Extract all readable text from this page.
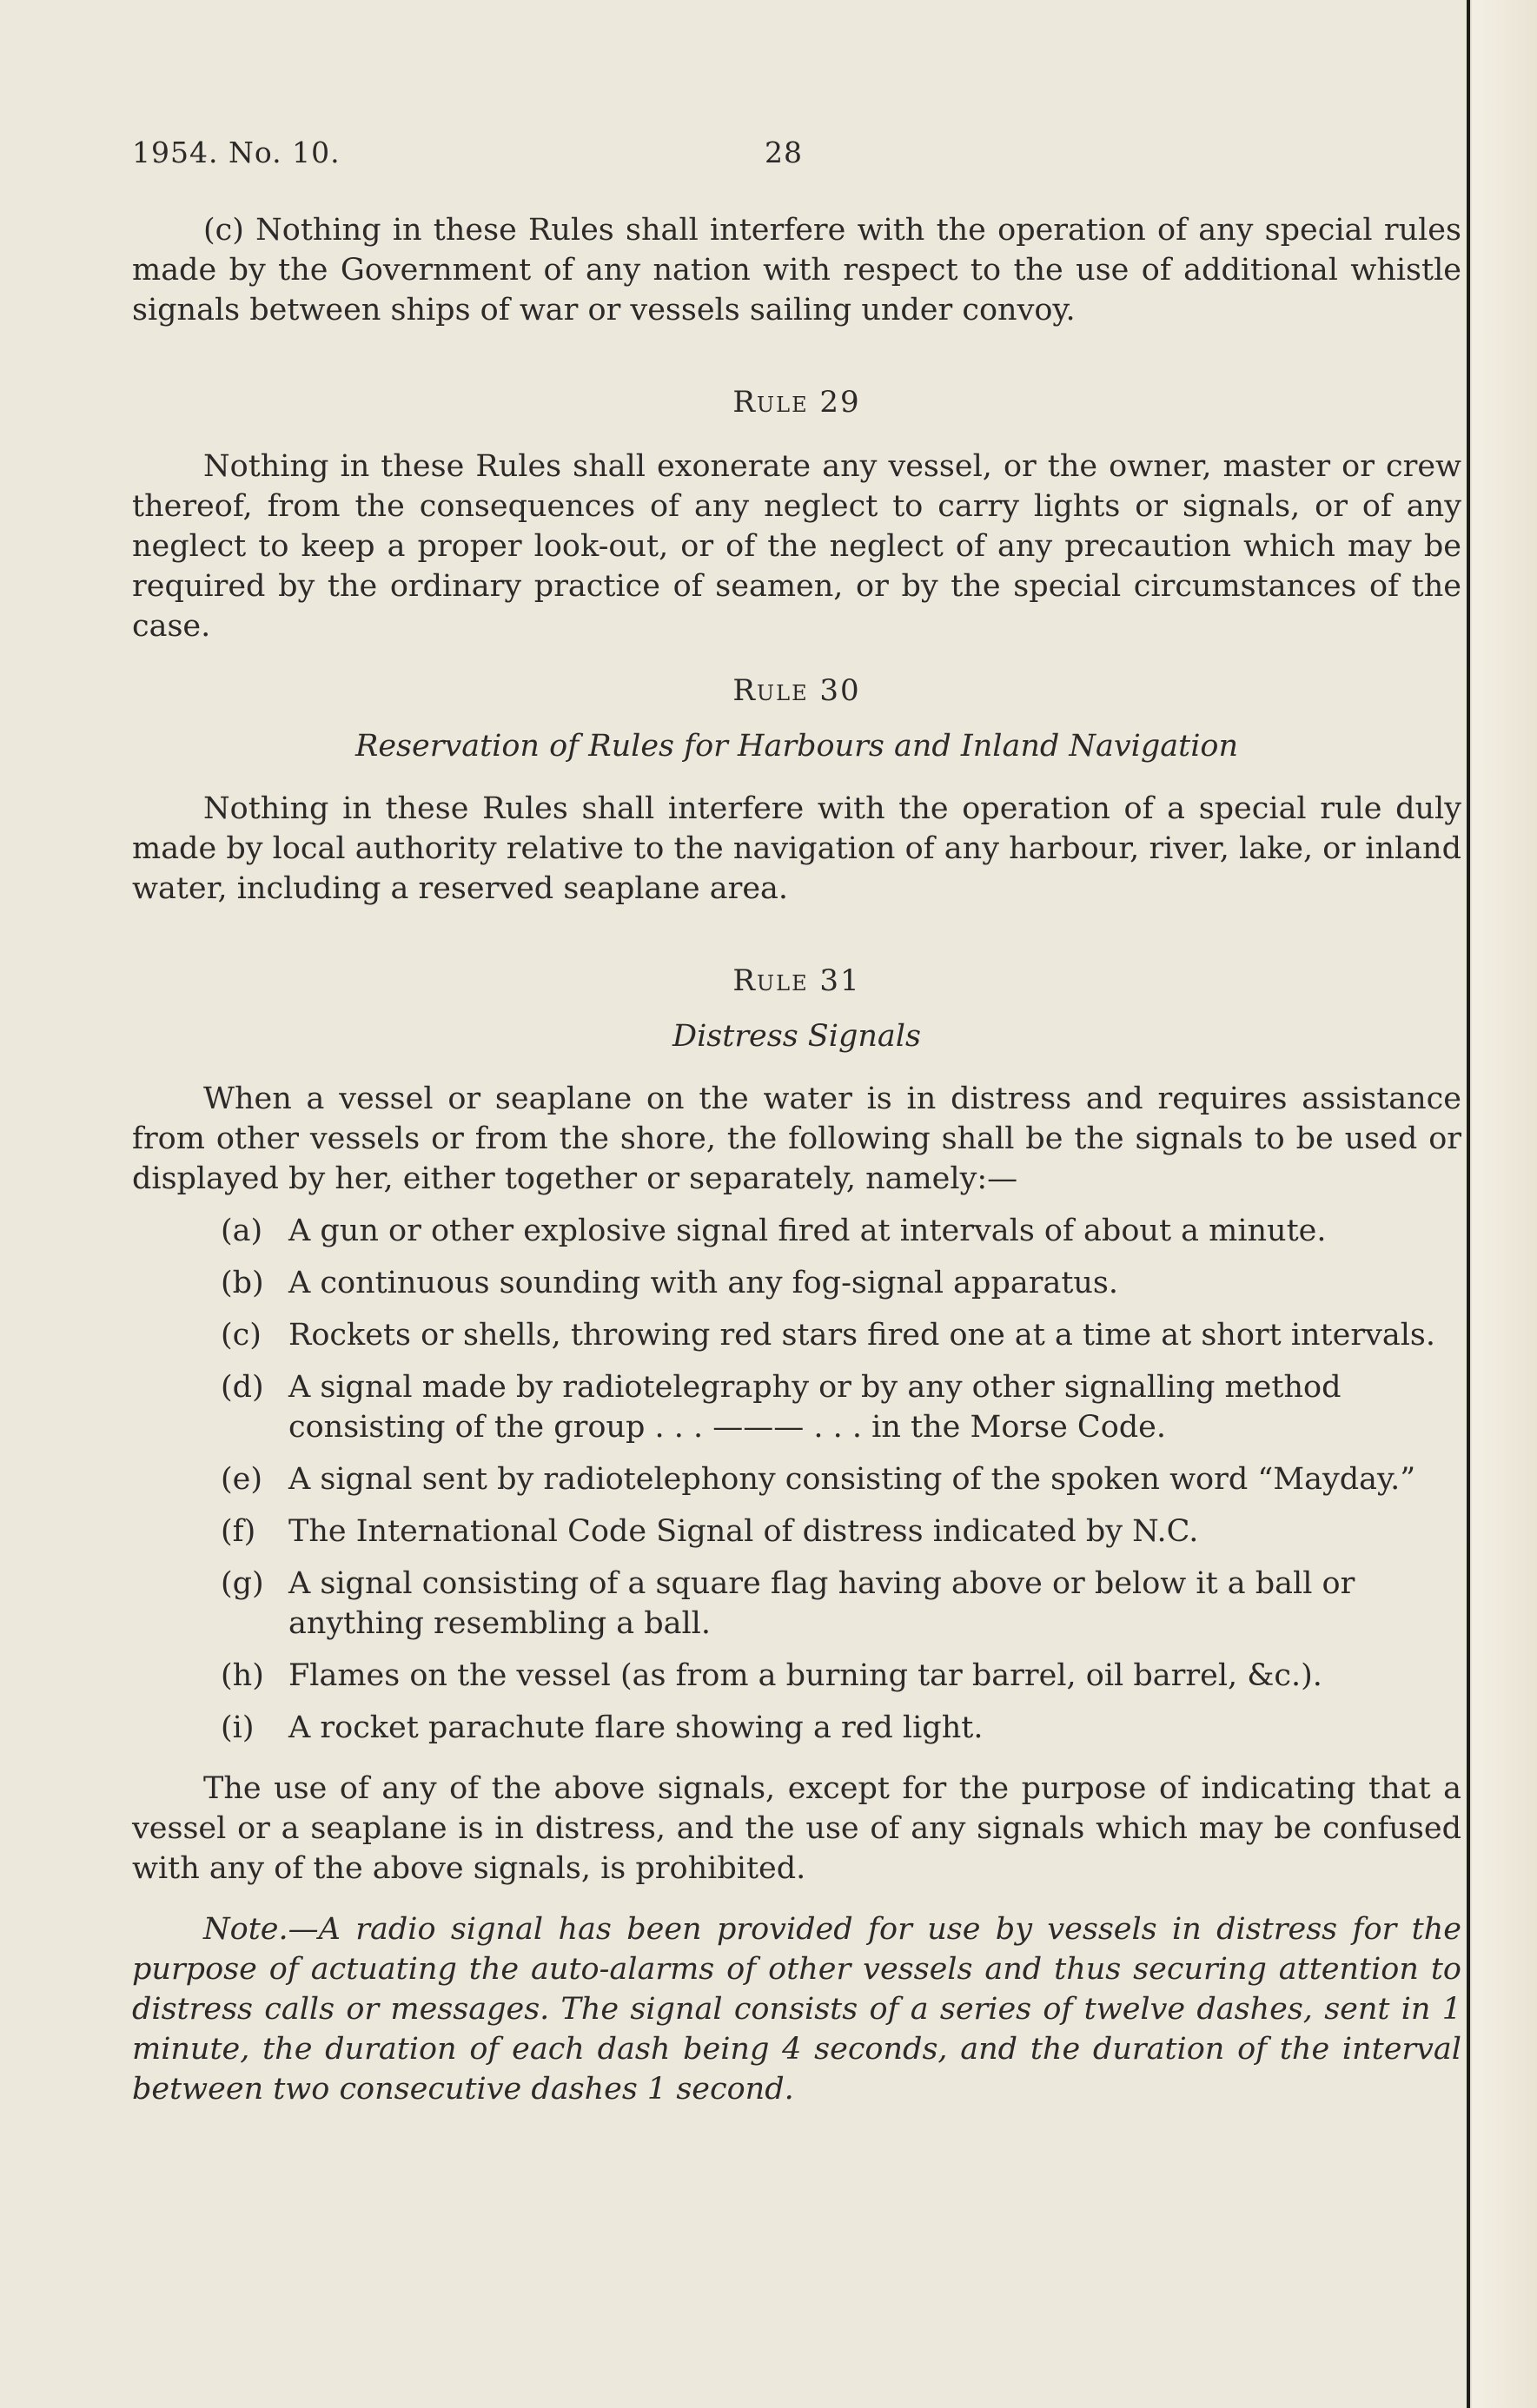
1954. No. 10.	28

(c) Nothing in these Rules shall interfere with the operation of any special rules made by the Government of any nation with respect to the use of additional whistle signals between ships of war or vessels sailing under convoy.

Rule 29

Nothing in these Rules shall exonerate any vessel, or the owner, master or crew thereof, from the consequences of any neglect to carry lights or signals, or of any neglect to keep a proper look-out, or of the neglect of any precaution which may be required by the ordinary practice of seamen, or by the special circumstances of the case.

Rule 30
Reservation of Rules for Harbours and Inland Navigation

Nothing in these Rules shall interfere with the operation of a special rule duly made by local authority relative to the navigation of any harbour, river, lake, or inland water, including a reserved seaplane area.

Rule 31
Distress Signals

When a vessel or seaplane on the water is in distress and requires assistance from other vessels or from the shore, the following shall be the signals to be used or displayed by her, either together or separately, namely:—

(a) A gun or other explosive signal fired at intervals of about a minute.
(b) A continuous sounding with any fog-signal apparatus.
(c) Rockets or shells, throwing red stars fired one at a time at short intervals.
(d) A signal made by radiotelegraphy or by any other signalling method consisting of the group . . . ——— . . . in the Morse Code.
(e) A signal sent by radiotelephony consisting of the spoken word “Mayday.”
(f) The International Code Signal of distress indicated by N.C.
(g) A signal consisting of a square flag having above or below it a ball or anything resembling a ball.
(h) Flames on the vessel (as from a burning tar barrel, oil barrel, &c.).
(i) A rocket parachute flare showing a red light.

The use of any of the above signals, except for the purpose of indicating that a vessel or a seaplane is in distress, and the use of any signals which may be confused with any of the above signals, is prohibited.

Note.—A radio signal has been provided for use by vessels in distress for the purpose of actuating the auto-alarms of other vessels and thus securing attention to distress calls or messages. The signal consists of a series of twelve dashes, sent in 1 minute, the duration of each dash being 4 seconds, and the duration of the interval between two consecutive dashes 1 second.
